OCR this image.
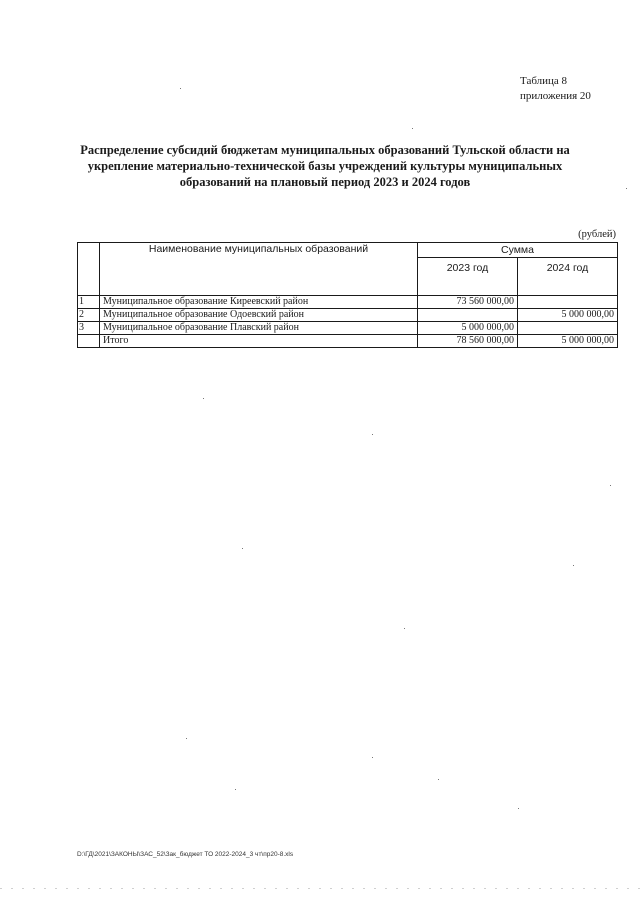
Таблица 8
приложения 20
Распределение субсидий бюджетам муниципальных образований Тульской области на
укрепление материально-технической базы учреждений культуры муниципальных
образований на плановый период 2023 и 2024 годов
(рублей)
	Наименование муниципальных образований	Сумма	
		2023 год	2024 год
1	Муниципальное образование Киреевский район	73 560 000,00	
2	Муниципальное образование Одоевский район		5 000 000,00
3	Муниципальное образование Плавский район	5 000 000,00	
	Итого	78 560 000,00	5 000 000,00
D:\ГД\2021\ЗАКОНЫ\ЗАС_52\Зак_бюджет ТО 2022-2024_3 чт\пр20-8.xls
